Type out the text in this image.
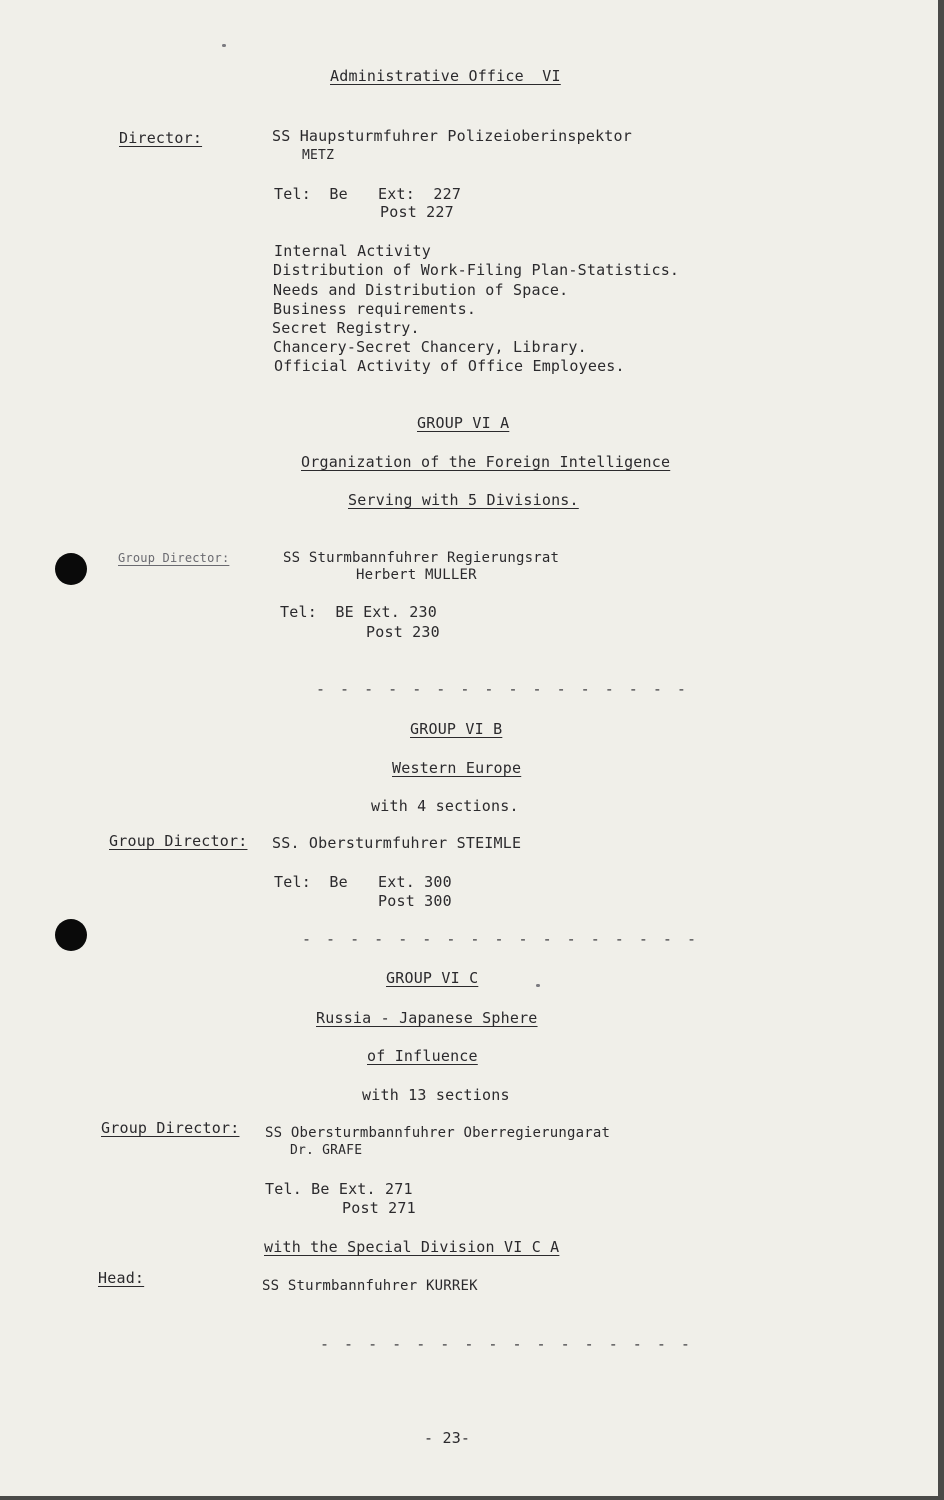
Administrative Office  VI
Director:	SS Haupsturmfuhrer Polizeioberinspektor
METZ
Tel:  Be Ext:  227
Post 227
Internal Activity
Distribution of Work-Filing Plan-Statistics.
Needs and Distribution of Space.
Business requirements.
Secret Registry.
Chancery-Secret Chancery, Library.
Official Activity of Office Employees.
GROUP VI A
Organization of the Foreign Intelligence
Serving with 5 Divisions.
Group Director:	SS Sturmbannfuhrer Regierungsrat
Herbert MULLER
Tel:  BE Ext. 230
Post 230
- - - - - - - - - - - - - - - -
GROUP VI B
Western Europe
with 4 sections.
Group Director: SS. Obersturmfuhrer STEIMLE
Tel:  Be Ext. 300
Post 300
- - - - - - - - - - - - - - - - -
GROUP VI C
Russia - Japanese Sphere
of Influence
with 13 sections
Group Director: SS Obersturmbannfuhrer Oberregierungarat
Dr. GRAFE
Tel. Be Ext. 271
Post 271
with the Special Division VI C A
Head:	SS Sturmbannfuhrer KURREK
- - - - - - - - - - - - - - - -
- 23-
